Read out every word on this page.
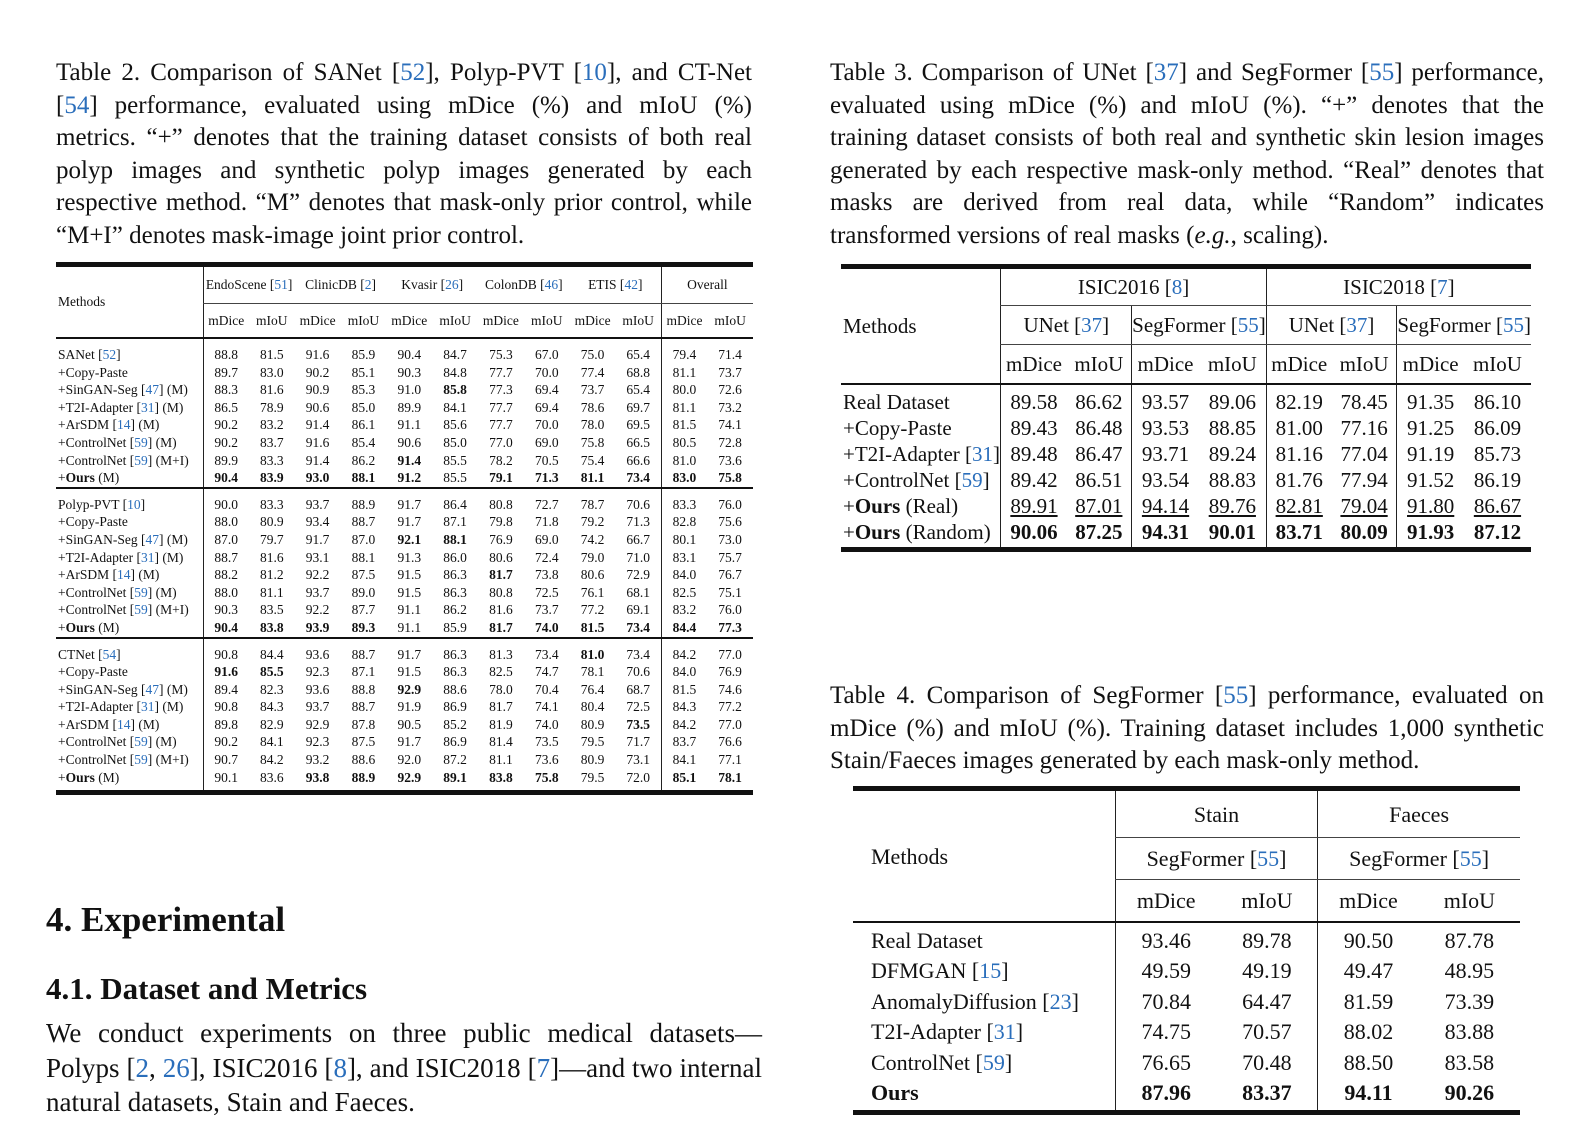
Table 2. Comparison of SANet [52], Polyp-PVT [10], and CT-Net [54] performance, evaluated using mDice (%) and mIoU (%) metrics. “+” denotes that the training dataset consists of both real polyp images and synthetic polyp images generated by each respective method. “M” denotes that mask-only prior control, while “M+I” denotes mask-image joint prior control.

Table 3. Comparison of UNet [37] and SegFormer [55] performance, evaluated using mDice (%) and mIoU (%). “+” denotes that the training dataset consists of both real and synthetic skin lesion images generated by each respective mask-only method. “Real” denotes that masks are derived from real data, while “Random” indicates transformed versions of real masks (e.g., scaling).

Table 4. Comparison of SegFormer [55] performance, evaluated on mDice (%) and mIoU (%). Training dataset includes 1,000 synthetic Stain/Faeces images generated by each mask-only method.

Methods	EndoScene [51]		ClinicDB [2]		Kvasir [26]		ColonDB [46]		ETIS [42]		Overall	
	mDice	mIoU	mDice	mIoU	mDice	mIoU	mDice	mIoU	mDice	mIoU	mDice	mIoU
SANet [52]	88.8	81.5	91.6	85.9	90.4	84.7	75.3	67.0	75.0	65.4	79.4	71.4
+Copy-Paste	89.7	83.0	90.2	85.1	90.3	84.8	77.7	70.0	77.4	68.8	81.1	73.7
+SinGAN-Seg [47] (M)	88.3	81.6	90.9	85.3	91.0	85.8	77.3	69.4	73.7	65.4	80.0	72.6
+T2I-Adapter [31] (M)	86.5	78.9	90.6	85.0	89.9	84.1	77.7	69.4	78.6	69.7	81.1	73.2
+ArSDM [14] (M)	90.2	83.2	91.4	86.1	91.1	85.6	77.7	70.0	78.0	69.5	81.5	74.1
+ControlNet [59] (M)	90.2	83.7	91.6	85.4	90.6	85.0	77.0	69.0	75.8	66.5	80.5	72.8
+ControlNet [59] (M+I)	89.9	83.3	91.4	86.2	91.4	85.5	78.2	70.5	75.4	66.6	81.0	73.6
+Ours (M)	90.4	83.9	93.0	88.1	91.2	85.5	79.1	71.3	81.1	73.4	83.0	75.8
Polyp-PVT [10]	90.0	83.3	93.7	88.9	91.7	86.4	80.8	72.7	78.7	70.6	83.3	76.0
+Copy-Paste	88.0	80.9	93.4	88.7	91.7	87.1	79.8	71.8	79.2	71.3	82.8	75.6
+SinGAN-Seg [47] (M)	87.0	79.7	91.7	87.0	92.1	88.1	76.9	69.0	74.2	66.7	80.1	73.0
+T2I-Adapter [31] (M)	88.7	81.6	93.1	88.1	91.3	86.0	80.6	72.4	79.0	71.0	83.1	75.7
+ArSDM [14] (M)	88.2	81.2	92.2	87.5	91.5	86.3	81.7	73.8	80.6	72.9	84.0	76.7
+ControlNet [59] (M)	88.0	81.1	93.7	89.0	91.5	86.3	80.8	72.5	76.1	68.1	82.5	75.1
+ControlNet [59] (M+I)	90.3	83.5	92.2	87.7	91.1	86.2	81.6	73.7	77.2	69.1	83.2	76.0
+Ours (M)	90.4	83.8	93.9	89.3	91.1	85.9	81.7	74.0	81.5	73.4	84.4	77.3
CTNet [54]	90.8	84.4	93.6	88.7	91.7	86.3	81.3	73.4	81.0	73.4	84.2	77.0
+Copy-Paste	91.6	85.5	92.3	87.1	91.5	86.3	82.5	74.7	78.1	70.6	84.0	76.9
+SinGAN-Seg [47] (M)	89.4	82.3	93.6	88.8	92.9	88.6	78.0	70.4	76.4	68.7	81.5	74.6
+T2I-Adapter [31] (M)	90.8	84.3	93.7	88.7	91.9	86.9	81.7	74.1	80.4	72.5	84.3	77.2
+ArSDM [14] (M)	89.8	82.9	92.9	87.8	90.5	85.2	81.9	74.0	80.9	73.5	84.2	77.0
+ControlNet [59] (M)	90.2	84.1	92.3	87.5	91.7	86.9	81.4	73.5	79.5	71.7	83.7	76.6
+ControlNet [59] (M+I)	90.7	84.2	93.2	88.6	92.0	87.2	81.1	73.6	80.9	73.1	84.1	77.1
+Ours (M)	90.1	83.6	93.8	88.9	92.9	89.1	83.8	75.8	79.5	72.0	85.1	78.1
Methods	ISIC2016 [8]				ISIC2018 [7]			
	UNet [37]		SegFormer [55]		UNet [37]		SegFormer [55]	
	mDice	mIoU	mDice	mIoU	mDice	mIoU	mDice	mIoU
Real Dataset	89.58	86.62	93.57	89.06	82.19	78.45	91.35	86.10
+Copy-Paste	89.43	86.48	93.53	88.85	81.00	77.16	91.25	86.09
+T2I-Adapter [31]	89.48	86.47	93.71	89.24	81.16	77.04	91.19	85.73
+ControlNet [59]	89.42	86.51	93.54	88.83	81.76	77.94	91.52	86.19
+Ours (Real)	89.91	87.01	94.14	89.76	82.81	79.04	91.80	86.67
+Ours (Random)	90.06	87.25	94.31	90.01	83.71	80.09	91.93	87.12
Methods	Stain		Faeces	
	SegFormer [55]		SegFormer [55]	
	mDice	mIoU	mDice	mIoU
Real Dataset	93.46	89.78	90.50	87.78
DFMGAN [15]	49.59	49.19	49.47	48.95
AnomalyDiffusion [23]	70.84	64.47	81.59	73.39
T2I-Adapter [31]	74.75	70.57	88.02	83.88
ControlNet [59]	76.65	70.48	88.50	83.58
Ours	87.96	83.37	94.11	90.26
4. Experimental
4.1. Dataset and Metrics

We conduct experiments on three public medical datasets—Polyps [2, 26], ISIC2016 [8], and ISIC2018 [7]—and two internal natural datasets, Stain and Faeces.
